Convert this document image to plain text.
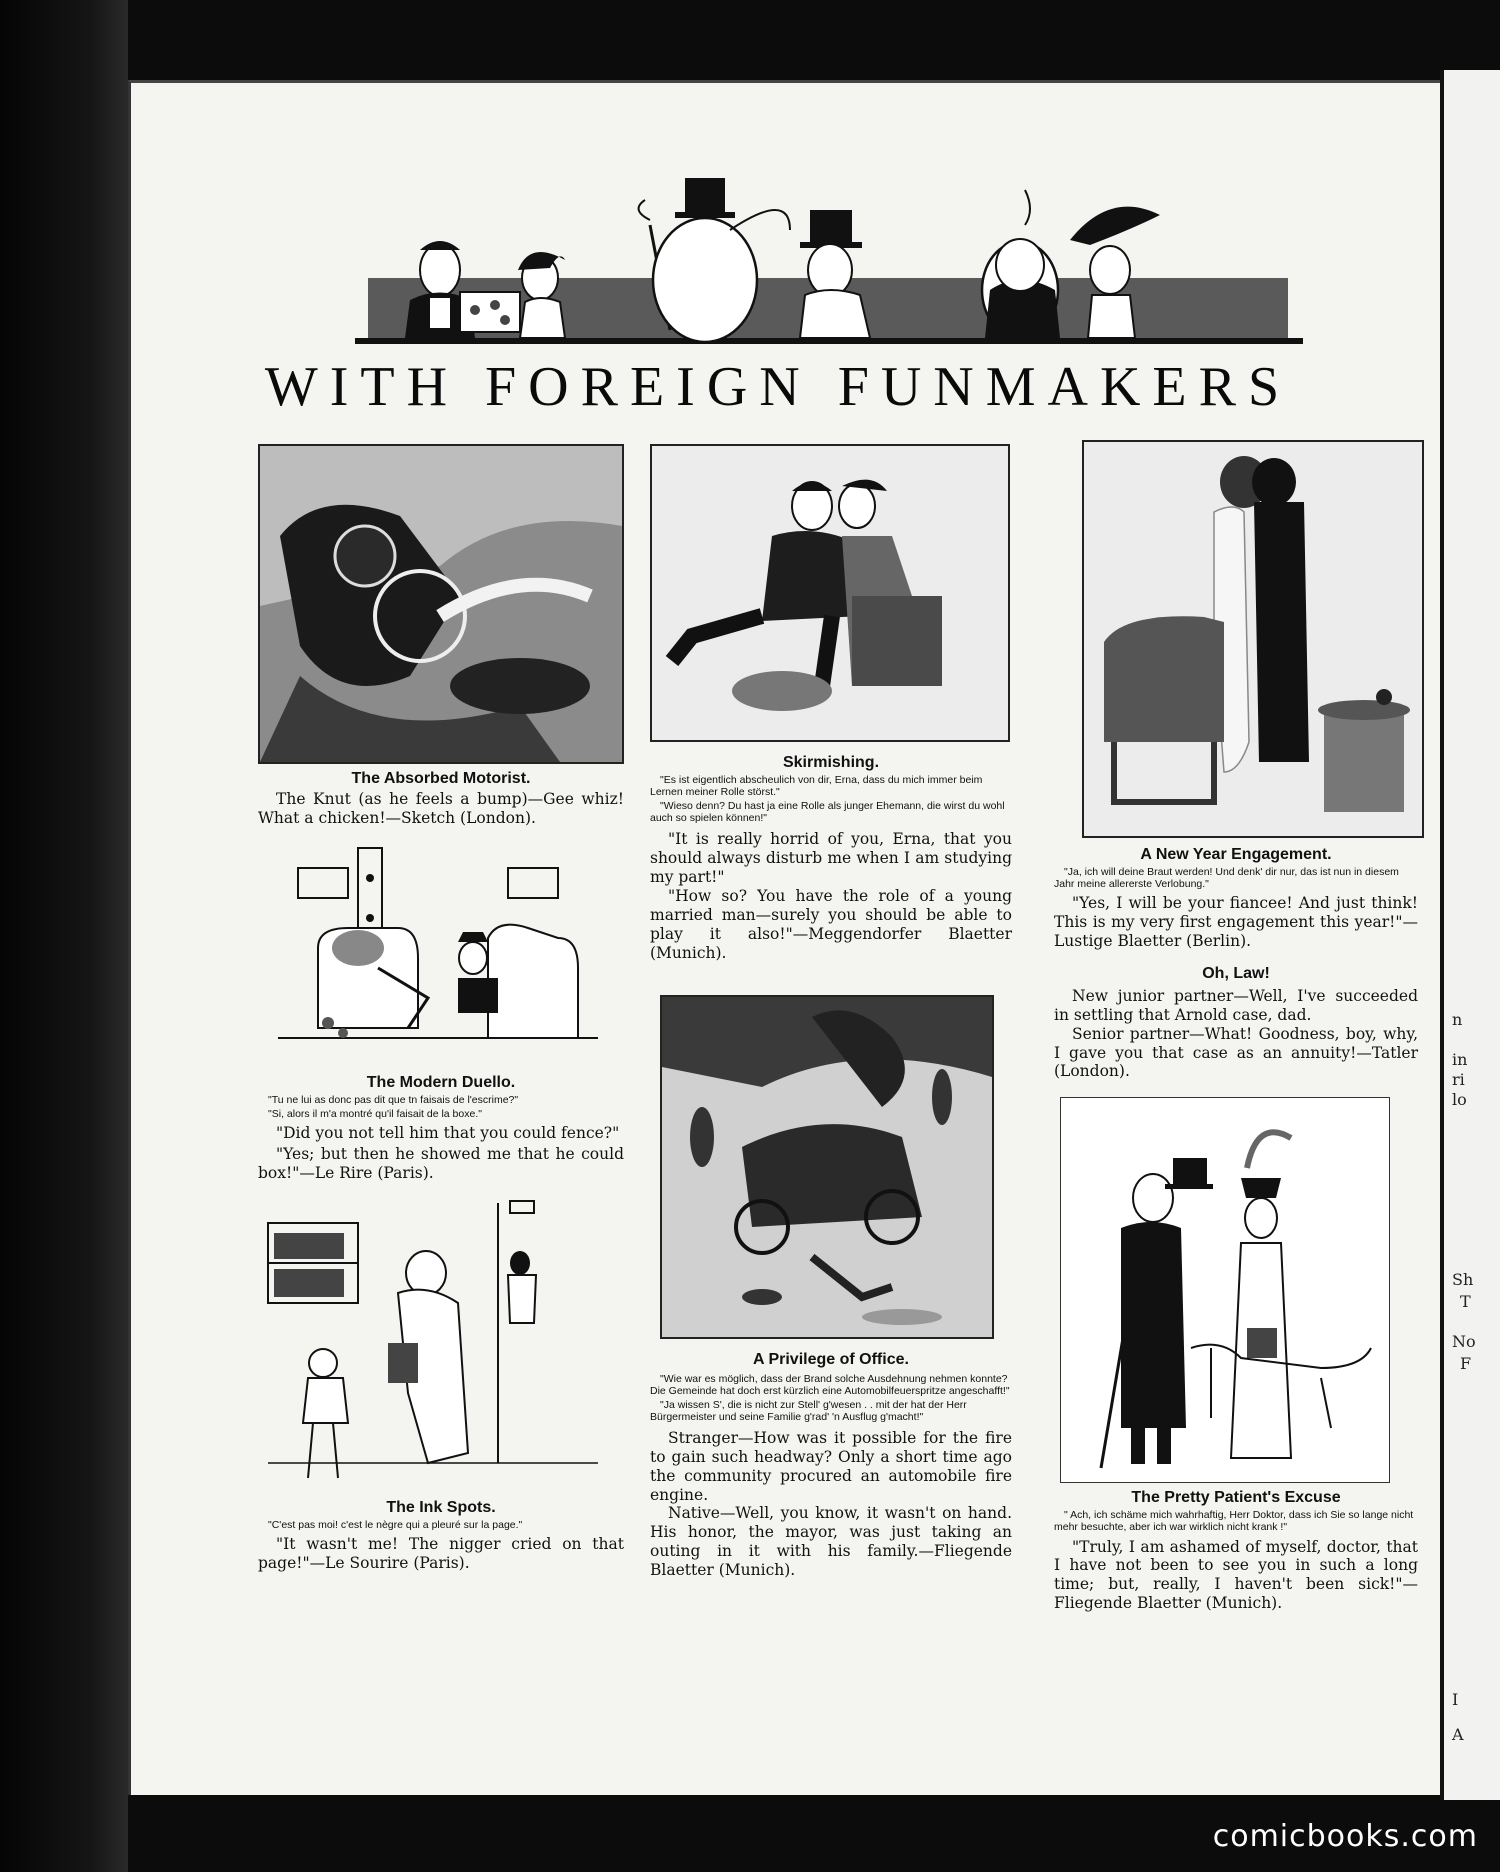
Sh
T
No
F
in
ri
lo
n
I
A
WITH FOREIGN FUNMAKERS
The Absorbed Motorist.

The Knut (as he feels a bump)—Gee whiz! What a chicken!—Sketch (London).

The Modern Duello.

"Tu ne lui as donc pas dit que tn faisais de l'escrime?"

"Si, alors il m'a montré qu'il faisait de la boxe."

"Did you not tell him that you could fence?"

"Yes; but then he showed me that he could box!"—Le Rire (Paris).

The Ink Spots.

"C'est pas moi! c'est le nègre qui a pleuré sur la page."

"It wasn't me! The nigger cried on that page!"—Le Sourire (Paris).

Skirmishing.

"Es ist eigentlich abscheulich von dir, Erna, dass du mich immer beim Lernen meiner Rolle störst."

"Wieso denn? Du hast ja eine Rolle als junger Ehemann, die wirst du wohl auch so spielen können!"

"It is really horrid of you, Erna, that you should always disturb me when I am studying my part!"

"How so? You have the role of a young married man—surely you should be able to play it also!"—Meggendorfer Blaetter (Munich).

A Privilege of Office.

"Wie war es möglich, dass der Brand solche Ausdehnung nehmen konnte? Die Gemeinde hat doch erst kürzlich eine Automobilfeuerspritze angeschafft!"

"Ja wissen S', die is nicht zur Stell' g'wesen . . mit der hat der Herr Bürgermeister und seine Familie g'rad' 'n Ausflug g'macht!"

Stranger—How was it possible for the fire to gain such headway? Only a short time ago the community procured an automobile fire engine.

Native—Well, you know, it wasn't on hand. His honor, the mayor, was just taking an outing in it with his family.—Fliegende Blaetter (Munich).

A New Year Engagement.

"Ja, ich will deine Braut werden! Und denk' dir nur, das ist nun in diesem Jahr meine allererste Verlobung."

"Yes, I will be your fiancee! And just think! This is my very first engagement this year!"—Lustige Blaetter (Berlin).

Oh, Law!

New junior partner—Well, I've succeeded in settling that Arnold case, dad.

Senior partner—What! Goodness, boy, why, I gave you that case as an annuity!—Tatler (London).

The Pretty Patient's Excuse

" Ach, ich schäme mich wahrhaftig, Herr Doktor, dass ich Sie so lange nicht mehr besuchte, aber ich war wirklich nicht krank !"

"Truly, I am ashamed of myself, doctor, that I have not been to see you in such a long time; but, really, I haven't been sick!"—Fliegende Blaetter (Munich).

comicbooks.com
